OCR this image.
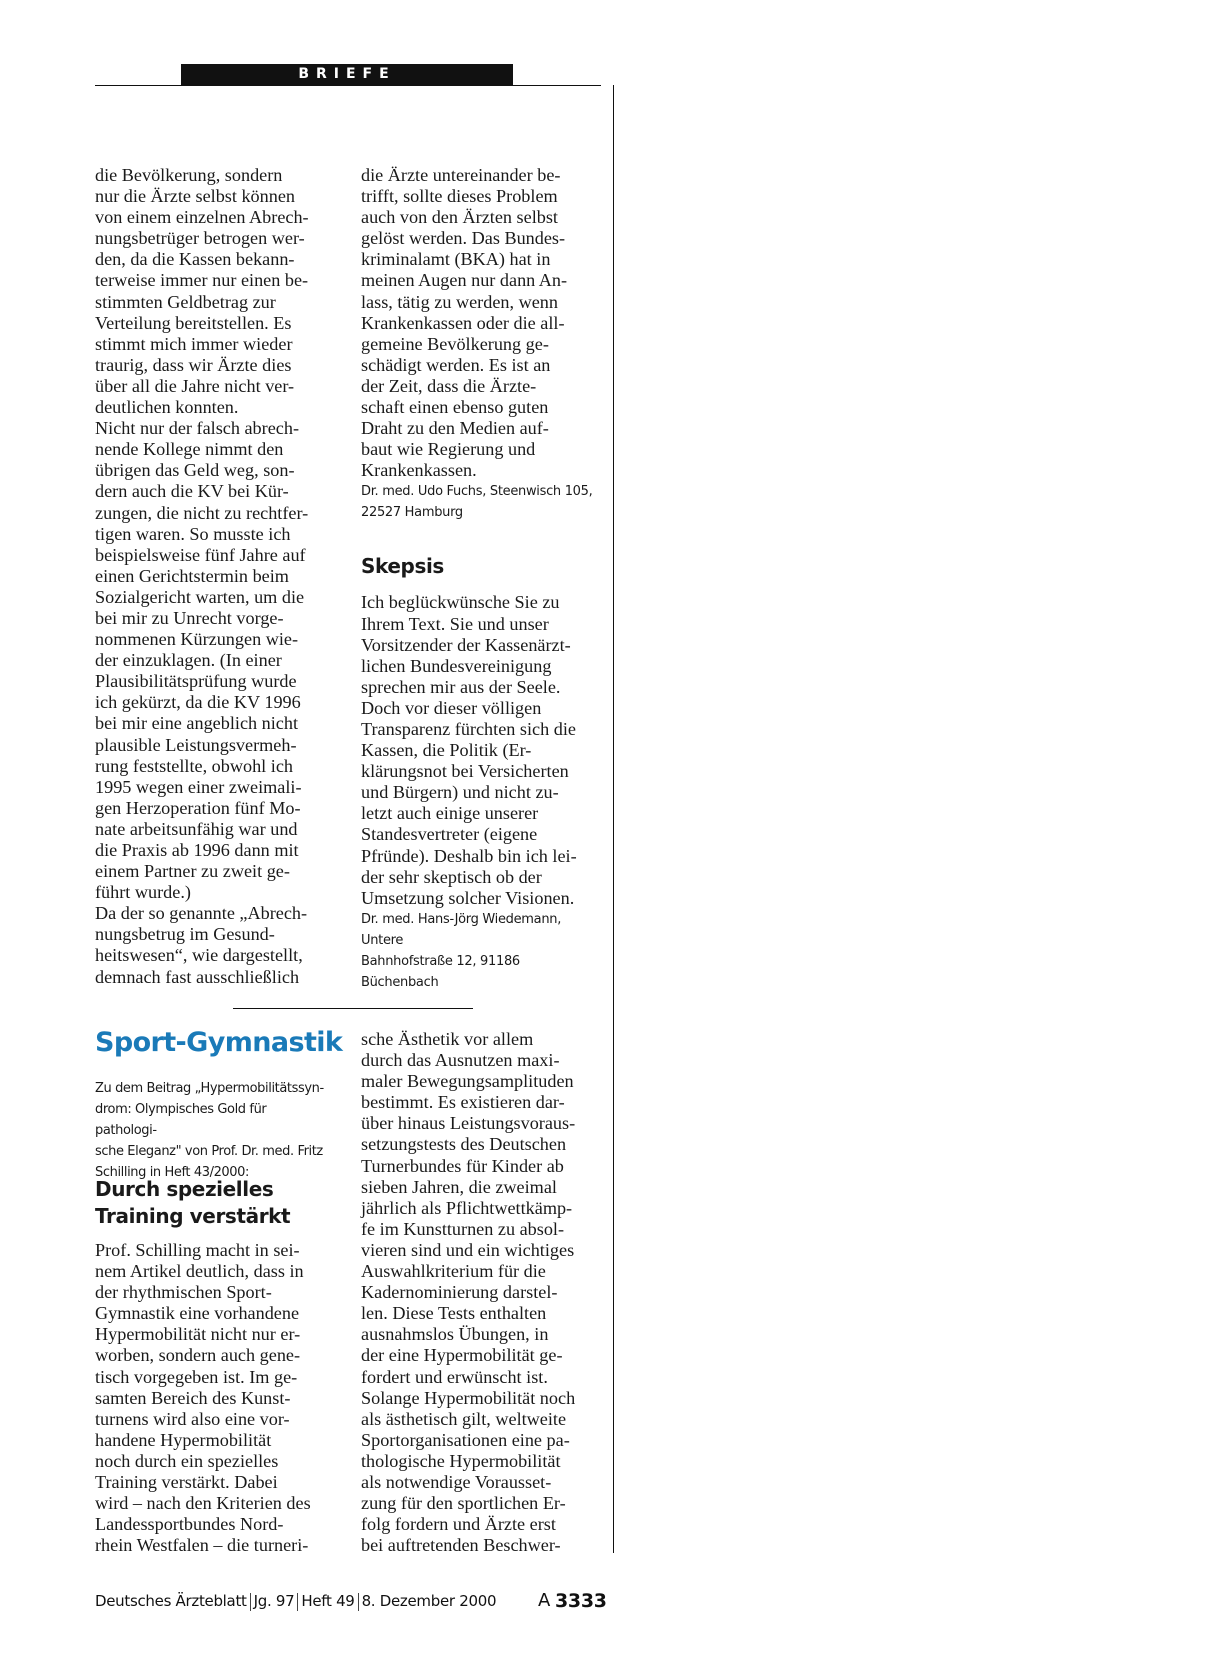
BRIEFE
die Bevölkerung, sondern
nur die Ärzte selbst können
von einem einzelnen Abrech-
nungsbetrüger betrogen wer-
den, da die Kassen bekann-
terweise immer nur einen be-
stimmten Geldbetrag zur
Verteilung bereitstellen. Es
stimmt mich immer wieder
traurig, dass wir Ärzte dies
über all die Jahre nicht ver-
deutlichen konnten.
Nicht nur der falsch abrech-
nende Kollege nimmt den
übrigen das Geld weg, son-
dern auch die KV bei Kür-
zungen, die nicht zu rechtfer-
tigen waren. So musste ich
beispielsweise fünf Jahre auf
einen Gerichtstermin beim
Sozialgericht warten, um die
bei mir zu Unrecht vorge-
nommenen Kürzungen wie-
der einzuklagen. (In einer
Plausibilitätsprüfung wurde
ich gekürzt, da die KV 1996
bei mir eine angeblich nicht
plausible Leistungsvermeh-
rung feststellte, obwohl ich
1995 wegen einer zweimali-
gen Herzoperation fünf Mo-
nate arbeitsunfähig war und
die Praxis ab 1996 dann mit
einem Partner zu zweit ge-
führt wurde.)
Da der so genannte „Abrech-
nungsbetrug im Gesund-
heitswesen“, wie dargestellt,
demnach fast ausschließlich
die Ärzte untereinander be-
trifft, sollte dieses Problem
auch von den Ärzten selbst
gelöst werden. Das Bundes-
kriminalamt (BKA) hat in
meinen Augen nur dann An-
lass, tätig zu werden, wenn
Krankenkassen oder die all-
gemeine Bevölkerung ge-
schädigt werden. Es ist an
der Zeit, dass die Ärzte-
schaft einen ebenso guten
Draht zu den Medien auf-
baut wie Regierung und
Krankenkassen.
Dr. med. Udo Fuchs, Steenwisch 105,
22527 Hamburg
Skepsis
Ich beglückwünsche Sie zu
Ihrem Text. Sie und unser
Vorsitzender der Kassenärzt-
lichen Bundesvereinigung
sprechen mir aus der Seele.
Doch vor dieser völligen
Transparenz fürchten sich die
Kassen, die Politik (Er-
klärungsnot bei Versicherten
und Bürgern) und nicht zu-
letzt auch einige unserer
Standesvertreter (eigene
Pfründe). Deshalb bin ich lei-
der sehr skeptisch ob der
Umsetzung solcher Visionen.
Dr. med. Hans-Jörg Wiedemann, Untere
Bahnhofstraße 12, 91186 Büchenbach
Sport-Gymnastik
Zu dem Beitrag „Hypermobilitätssyn-
drom: Olympisches Gold für pathologi-
sche Eleganz" von Prof. Dr. med. Fritz
Schilling in Heft 43/2000:
Durch spezielles
Training verstärkt
Prof. Schilling macht in sei-
nem Artikel deutlich, dass in
der rhythmischen Sport-
Gymnastik eine vorhandene
Hypermobilität nicht nur er-
worben, sondern auch gene-
tisch vorgegeben ist. Im ge-
samten Bereich des Kunst-
turnens wird also eine vor-
handene Hypermobilität
noch durch ein spezielles
Training verstärkt. Dabei
wird – nach den Kriterien des
Landessportbundes Nord-
rhein Westfalen – die turneri-
sche Ästhetik vor allem
durch das Ausnutzen maxi-
maler Bewegungsamplituden
bestimmt. Es existieren dar-
über hinaus Leistungsvoraus-
setzungstests des Deutschen
Turnerbundes für Kinder ab
sieben Jahren, die zweimal
jährlich als Pflichtwettkämp-
fe im Kunstturnen zu absol-
vieren sind und ein wichtiges
Auswahlkriterium für die
Kadernominierung darstel-
len. Diese Tests enthalten
ausnahmslos Übungen, in
der eine Hypermobilität ge-
fordert und erwünscht ist.
Solange Hypermobilität noch
als ästhetisch gilt, weltweite
Sportorganisationen eine pa-
thologische Hypermobilität
als notwendige Vorausset-
zung für den sportlichen Er-
folg fordern und Ärzte erst
bei auftretenden Beschwer-
Deutsches Ärzteblatt Jg. 97 Heft 49 8. Dezember 2000 A 3333
